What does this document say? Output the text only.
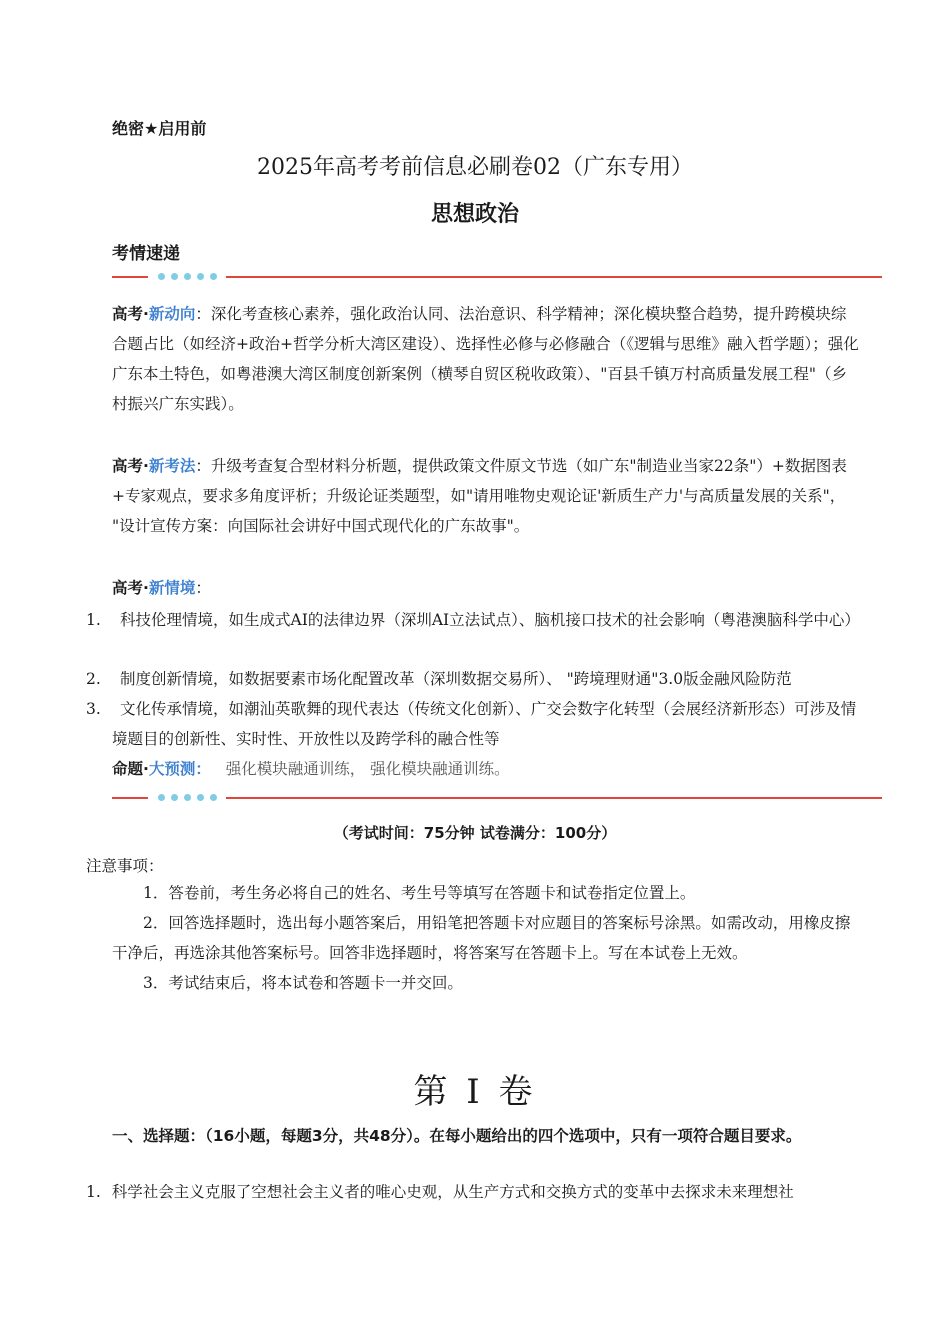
绝密★启用前
2025年高考考前信息必刷卷02（广东专用）
思想政治
考情速递
高考·新动向：深化考查核心素养，强化政治认同、法治意识、科学精神；深化模块整合趋势，提升跨模块综合题占比（如经济+政治+哲学分析大湾区建设）、选择性必修与必修融合（《逻辑与思维》融入哲学题）；强化广东本土特色，如粤港澳大湾区制度创新案例（横琴自贸区税收政策）、"百县千镇万村高质量发展工程"（乡村振兴广东实践）。
高考·新考法：升级考查复合型材料分析题，提供政策文件原文节选（如广东"制造业当家22条"）+数据图表+专家观点，要求多角度评析；升级论证类题型，如"请用唯物史观论证'新质生产力'与高质量发展的关系"， "设计宣传方案：向国际社会讲好中国式现代化的广东故事"。
高考·新情境：
1.	科技伦理情境，如生成式AI的法律边界（深圳AI立法试点）、脑机接口技术的社会影响（粤港澳脑科学中心）
2.	制度创新情境，如数据要素市场化配置改革（深圳数据交易所）、 "跨境理财通"3.0版金融风险防范
3.	文化传承情境，如潮汕英歌舞的现代表达（传统文化创新）、广交会数字化转型（会展经济新形态）可涉及情境题目的创新性、实时性、开放性以及跨学科的融合性等
命题·大预测： 强化模块融通训练， 强化模块融通训练。
（考试时间：75分钟 试卷满分：100分）
注意事项：
1．答卷前，考生务必将自己的姓名、考生号等填写在答题卡和试卷指定位置上。
2．回答选择题时，选出每小题答案后，用铅笔把答题卡对应题目的答案标号涂黑。如需改动，用橡皮擦干净后，再选涂其他答案标号。回答非选择题时，将答案写在答题卡上。写在本试卷上无效。
3．考试结束后，将本试卷和答题卡一并交回。
第 I 卷
一、选择题：（16小题，每题3分，共48分）。在每小题给出的四个选项中，只有一项符合题目要求。
1. 科学社会主义克服了空想社会主义者的唯心史观，从生产方式和交换方式的变革中去探求未来理想社
